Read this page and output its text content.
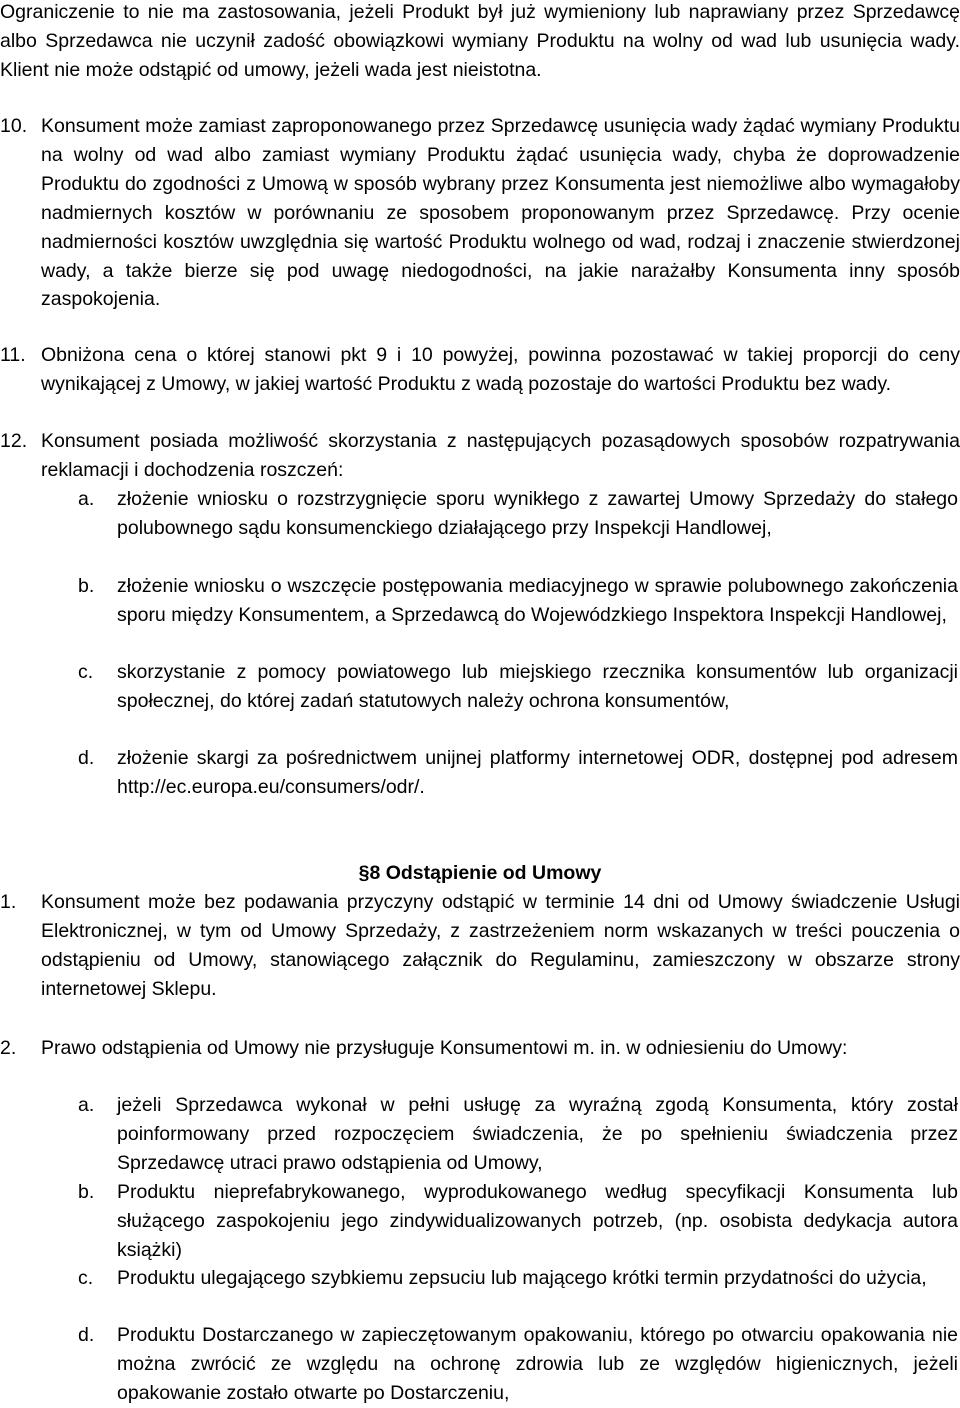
Ograniczenie to nie ma zastosowania, jeżeli Produkt był już wymieniony lub naprawiany przez Sprzedawcę albo Sprzedawca nie uczynił zadość obowiązkowi wymiany Produktu na wolny od wad lub usunięcia wady. Klient nie może odstąpić od umowy, jeżeli wada jest nieistotna.

10. Konsument może zamiast zaproponowanego przez Sprzedawcę usunięcia wady żądać wymiany Produktu na wolny od wad albo zamiast wymiany Produktu żądać usunięcia wady, chyba że doprowadzenie Produktu do zgodności z Umową w sposób wybrany przez Konsumenta jest niemożliwe albo wymagałoby nadmiernych kosztów w porównaniu ze sposobem proponowanym przez Sprzedawcę. Przy ocenie nadmierności kosztów uwzględnia się wartość Produktu wolnego od wad, rodzaj i znaczenie stwierdzonej wady, a także bierze się pod uwagę niedogodności, na jakie narażałby Konsumenta inny sposób zaspokojenia.

11. Obniżona cena o której stanowi pkt 9 i 10 powyżej, powinna pozostawać w takiej proporcji do ceny wynikającej z Umowy, w jakiej wartość Produktu z wadą pozostaje do wartości Produktu bez wady.

12. Konsument posiada możliwość skorzystania z następujących pozasądowych sposobów rozpatrywania reklamacji i dochodzenia roszczeń:

a. złożenie wniosku o rozstrzygnięcie sporu wynikłego z zawartej Umowy Sprzedaży do stałego polubownego sądu konsumenckiego działającego przy Inspekcji Handlowej,

b. złożenie wniosku o wszczęcie postępowania mediacyjnego w sprawie polubownego zakończenia sporu między Konsumentem, a Sprzedawcą do Wojewódzkiego Inspektora Inspekcji Handlowej,

c. skorzystanie z pomocy powiatowego lub miejskiego rzecznika konsumentów lub organizacji społecznej, do której zadań statutowych należy ochrona konsumentów,

d. złożenie skargi za pośrednictwem unijnej platformy internetowej ODR, dostępnej pod adresem http://ec.europa.eu/consumers/odr/.

§8 Odstąpienie od Umowy
1. Konsument może bez podawania przyczyny odstąpić w terminie 14 dni od Umowy świadczenie Usługi Elektronicznej, w tym od Umowy Sprzedaży, z zastrzeżeniem norm wskazanych w treści pouczenia o odstąpieniu od Umowy, stanowiącego załącznik do Regulaminu, zamieszczony w obszarze strony internetowej Sklepu.

2. Prawo odstąpienia od Umowy nie przysługuje Konsumentowi m. in. w odniesieniu do Umowy:

a. jeżeli Sprzedawca wykonał w pełni usługę za wyraźną zgodą Konsumenta, który został poinformowany przed rozpoczęciem świadczenia, że po spełnieniu świadczenia przez Sprzedawcę utraci prawo odstąpienia od Umowy,

b. Produktu nieprefabrykowanego, wyprodukowanego według specyfikacji Konsumenta lub służącego zaspokojeniu jego zindywidualizowanych potrzeb, (np. osobista dedykacja autora książki)

c. Produktu ulegającego szybkiemu zepsuciu lub mającego krótki termin przydatności do użycia,

d. Produktu Dostarczanego w zapieczętowanym opakowaniu, którego po otwarciu opakowania nie można zwrócić ze względu na ochronę zdrowia lub ze względów higienicznych, jeżeli opakowanie zostało otwarte po Dostarczeniu,
